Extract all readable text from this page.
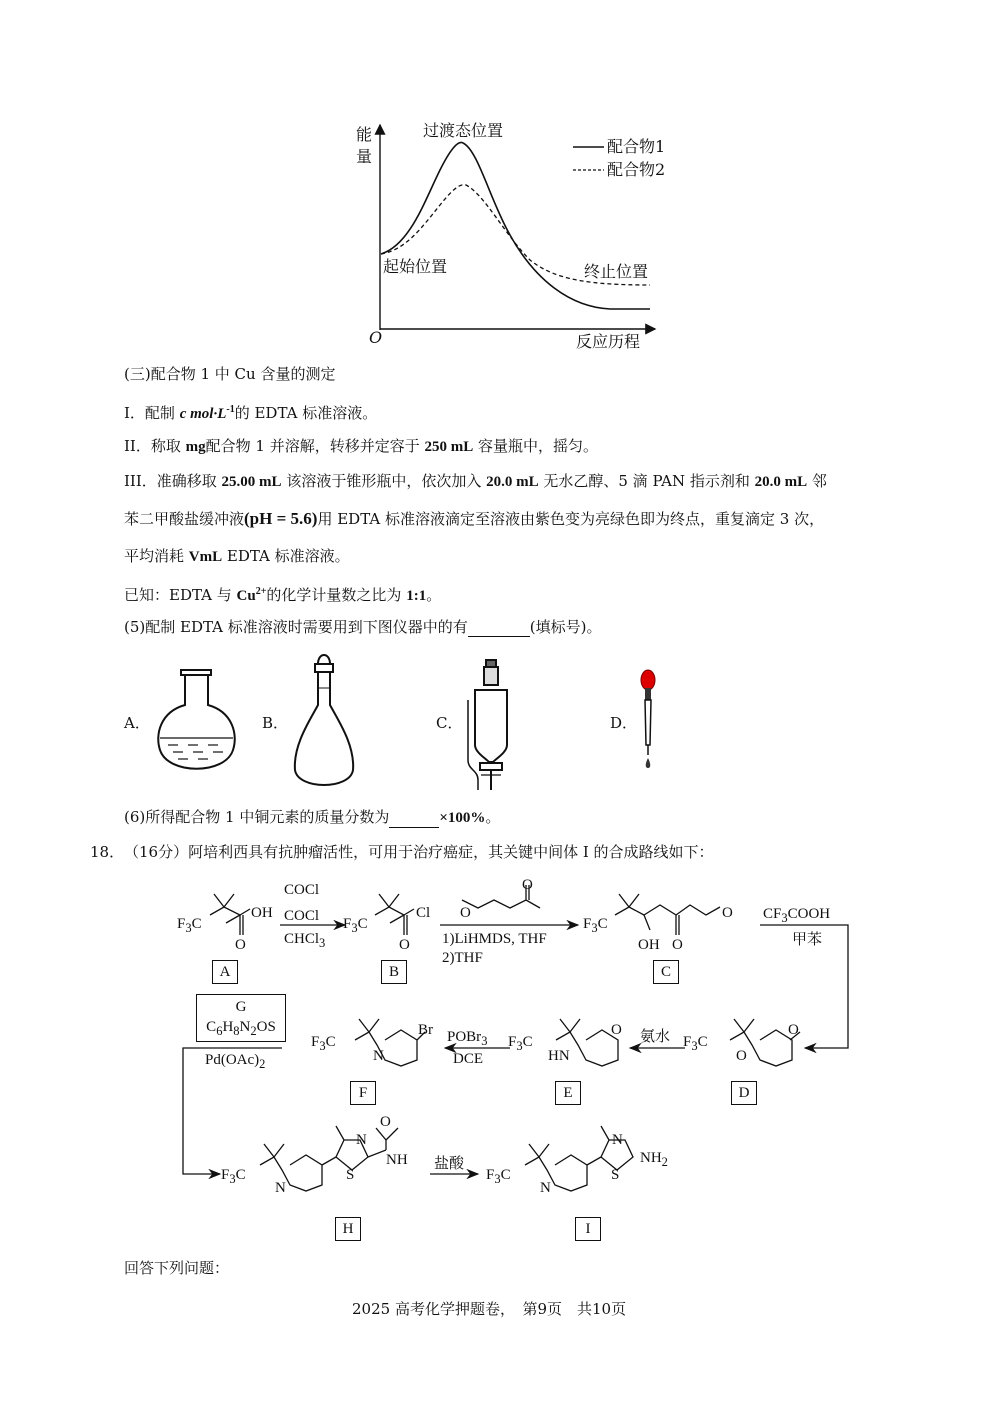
能
量
O	反应历程
过渡态位置
起始位置	终止位置
配合物1
配合物2
(三)配合物 1 中 Cu 含量的测定
I．配制 c $mol\cdot L^{-1}$的 EDTA 标准溶液。
II．称取 mg配合物 1 并溶解，转移并定容于 250 mL 容量瓶中，摇匀。
III．准确移取 25.00 mL 该溶液于锥形瓶中，依次加入 20.0 mL 无水乙醇、5 滴 PAN 指示剂和 20.0 mL 邻
苯二甲酸盐缓冲液(pH = 5.6)用 EDTA 标准溶液滴定至溶液由紫色变为亮绿色即为终点，重复滴定 3 次，
平均消耗 VmL EDTA 标准溶液。
已知：EDTA 与 $Cu^{2+}$的化学计量数之比为 1:1。
(5)配制 EDTA 标准溶液时需要用到下图仪器中的有	(填标号)。
A．	B．	C．	D．
(6)所得配合物 1 中铜元素的质量分数为	×100%。
18． （16分）阿培利西具有抗肿瘤活性，可用于治疗癌症，其关键中间体 I 的合成路线如下：
$F_3C$
OH
O
$F_3C$
Cl
O
$F_3C$
OH O
O
O
O
COCl
COCl
CHCl$_3$	1)LiHMDS, THF
2)THF
$CF_3COOH$
甲苯
$F_3C$
O
O
氨水
$F_3C$
HN
O
POBr$_3$
DCE
$F_3C$
N
Br
G
$C_6H_8N_2OS$
$Pd(OAc)_2$
$F_3C$
N
N
S
NH
O
盐酸
$F_3C$
N
N
S
$NH_2$
A	B	C
D
E
F
H	I
回答下列问题：
2025 高考化学押题卷，　第9页　共10页
